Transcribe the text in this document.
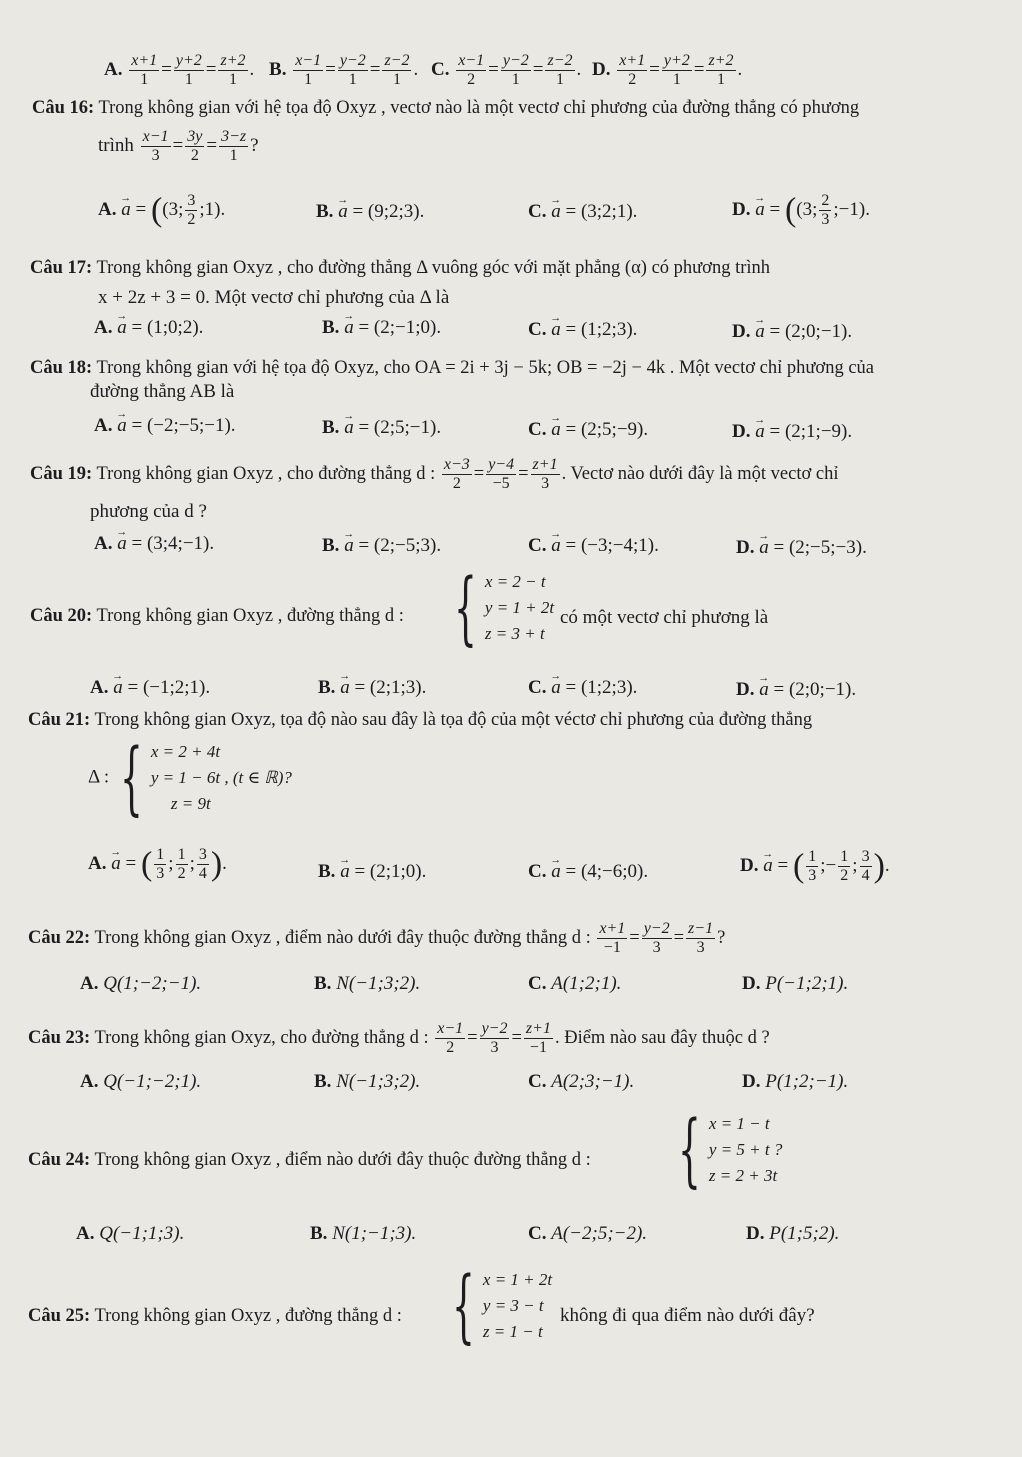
A. $\frac{x+1}{1} = \frac{y+2}{1} = \frac{z+2}{1}$ . B. $\frac{x-1}{1} = \frac{y-2}{1} = \frac{z-2}{1}$ . C. $\frac{x-1}{2} = \frac{y-2}{1} = \frac{z-2}{1}$ . D. $\frac{x+1}{2} = \frac{y+2}{1} = \frac{z+2}{1}$ .
Câu 16: Trong không gian với hệ tọa độ Oxyz , vectơ nào là một vectơ chỉ phương của đường thẳng có phương
trình $\frac{x-1}{3} = \frac{3y}{2} = \frac{3-z}{1}$ ?
A. → a = ((3; $\frac{3}{2}$ ;1).	B. → a = (9;2;3).	C. → a = (3;2;1).	D. → a = ((3; $\frac{2}{3}$ ;−1).
Câu 17: Trong không gian Oxyz , cho đường thẳng Δ vuông góc với mặt phẳng (α) có phương trình
x + 2z + 3 = 0. Một vectơ chỉ phương của Δ là
A. → a = (1;0;2).	B. → a = (2;−1;0).	C. → a = (1;2;3).	D. → a = (2;0;−1).
Câu 18: Trong không gian với hệ tọa độ Oxyz, cho OA = 2i + 3j − 5k; OB = −2j − 4k . Một vectơ chỉ phương của
đường thẳng AB là
A. → a = (−2;−5;−1).	B. → a = (2;5;−1).	C. → a = (2;5;−9).	D. → a = (2;1;−9).
Câu 19: Trong không gian Oxyz , cho đường thẳng d : $\frac{x-3}{2} = \frac{y-4}{-5} = \frac{z+1}{3}$ . Vectơ nào dưới đây là một vectơ chỉ
phương của d ?
A. → a = (3;4;−1).	B. → a = (2;−5;3).	C. → a = (−3;−4;1).	D. → a = (2;−5;−3).
Câu 20: Trong không gian Oxyz , đường thẳng d : { x = 2 − t
y = 1 + 2t
z = 3 + t
có một vectơ chỉ phương là
A. → a = (−1;2;1).	B. → a = (2;1;3).	C. → a = (1;2;3).	D. → a = (2;0;−1).
Câu 21: Trong không gian Oxyz, tọa độ nào sau đây là tọa độ của một véctơ chỉ phương của đường thẳng
Δ : { x = 2 + 4t
y = 1 − 6t , (t ∈ ℝ)?
z = 9t
A. → a = ( $\frac{1}{3}$ ; $\frac{1}{2}$ ; $\frac{3}{4}$ ).	B. → a = (2;1;0).	C. → a = (4;−6;0).	D. → a = ( $\frac{1}{3}$ ;− $\frac{1}{2}$ ; $\frac{3}{4}$ ).
Câu 22: Trong không gian Oxyz , điểm nào dưới đây thuộc đường thẳng d : $\frac{x+1}{-1} = \frac{y-2}{3} = \frac{z-1}{3}$ ?
A. Q(1;−2;−1).	B. N(−1;3;2).	C. A(1;2;1).	D. P(−1;2;1).
Câu 23: Trong không gian Oxyz, cho đường thẳng d : $\frac{x-1}{2} = \frac{y-2}{3} = \frac{z+1}{-1}$ . Điểm nào sau đây thuộc d ?
A. Q(−1;−2;1).	B. N(−1;3;2).	C. A(2;3;−1).	D. P(1;2;−1).
Câu 24: Trong không gian Oxyz , điểm nào dưới đây thuộc đường thẳng d : { x = 1 − t
y = 5 + t ?
z = 2 + 3t
A. Q(−1;1;3).	B. N(1;−1;3).	C. A(−2;5;−2).	D. P(1;5;2).
Câu 25: Trong không gian Oxyz , đường thẳng d : { x = 1 + 2t
y = 3 − t
z = 1 − t
không đi qua điểm nào dưới đây?
